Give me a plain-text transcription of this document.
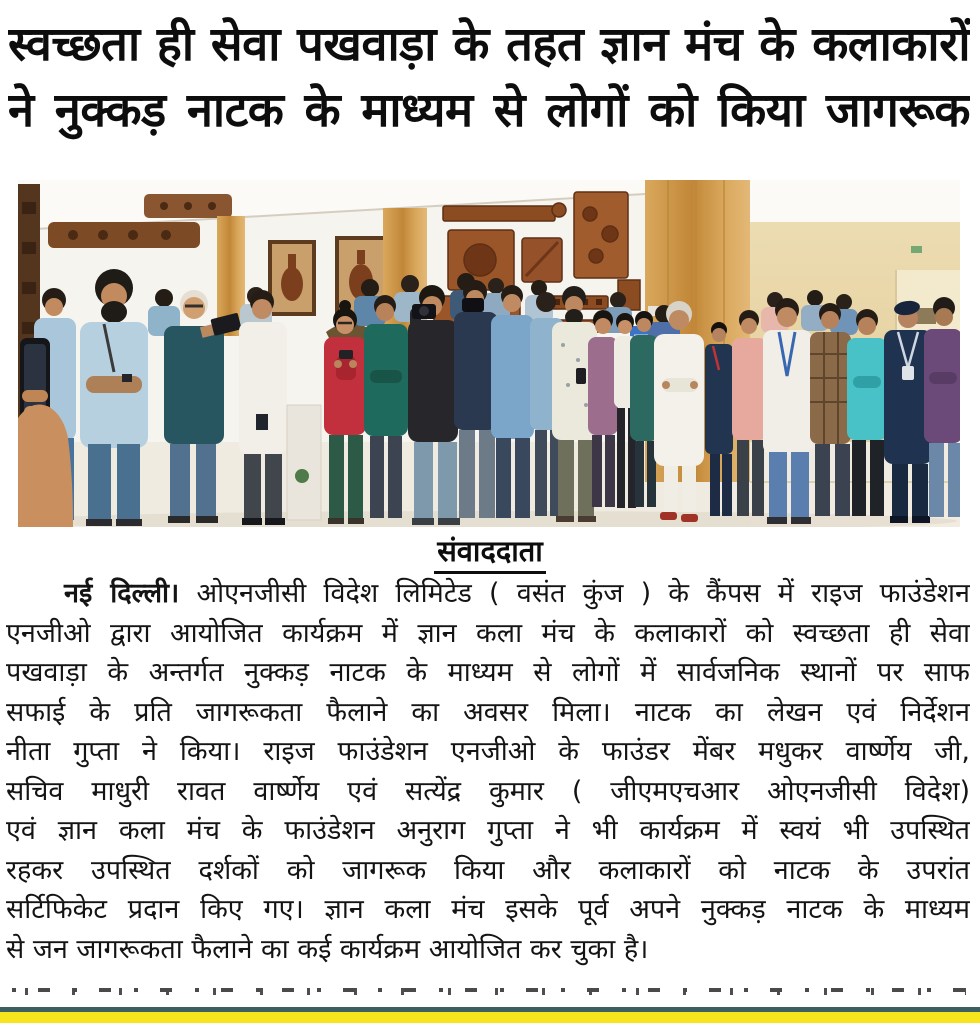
स्वच्छता ही सेवा पखवाड़ा के तहत ज्ञान मंच के कलाकारों
ने नुक्कड़ नाटक के माध्यम से लोगों को किया जागरूक
संवाददाता
नई दिल्ली। ओएनजीसी विदेश लिमिटेड ( वसंत कुंज ) के कैंपस में राइज फाउंडेशन
एनजीओ द्वारा आयोजित कार्यक्रम में ज्ञान कला मंच के कलाकारों को स्वच्छता ही सेवा
पखवाड़ा के अन्तर्गत नुक्कड़ नाटक के माध्यम से लोगों में सार्वजनिक स्थानों पर साफ
सफाई के प्रति जागरूकता फैलाने का अवसर मिला। नाटक का लेखन एवं निर्देशन
नीता गुप्ता ने किया। राइज फाउंडेशन एनजीओ के फाउंडर मेंबर मधुकर वार्ष्णेय जी,
सचिव माधुरी रावत वार्ष्णेय एवं सत्येंद्र कुमार ( जीएमएचआर ओएनजीसी विदेश)
एवं ज्ञान कला मंच के फाउंडेशन अनुराग गुप्ता ने भी कार्यक्रम में स्वयं भी उपस्थित
रहकर उपस्थित दर्शकों को जागरूक किया और कलाकारों को नाटक के उपरांत
सर्टिफिकेट प्रदान किए गए। ज्ञान कला मंच इसके पूर्व अपने नुक्कड़ नाटक के माध्यम
से जन जागरूकता फैलाने का कई कार्यक्रम आयोजित कर चुका है।
